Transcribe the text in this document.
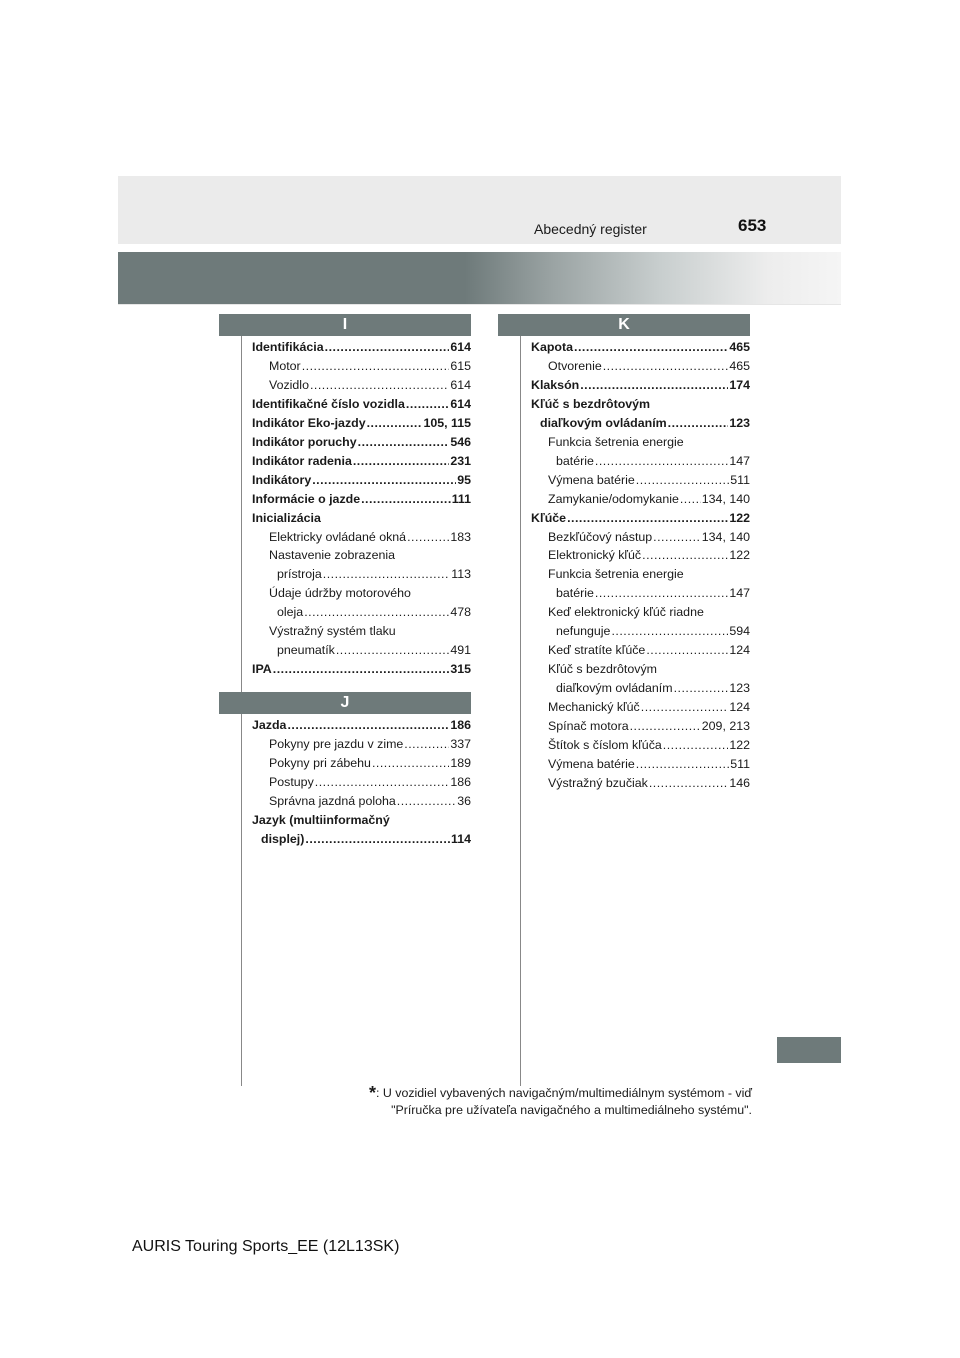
Abecedný register	653
I
Identifikácia .....	614
Motor .....	615
Vozidlo .....	614
Identifikačné číslo vozidla .....	614
Indikátor Eko-jazdy .....	105, 115
Indikátor poruchy .....	546
Indikátor radenia .....	231
Indikátory .....	95
Informácie o jazde .....	111
Inicializácia
Elektricky ovládané okná .....	183
Nastavenie zobrazenia
prístroja .....	113
Údaje údržby motorového
oleja .....	478
Výstražný systém tlaku
pneumatík .....	491
IPA .....	315
J
Jazda .....	186
Pokyny pre jazdu v zime .....	337
Pokyny pri zábehu .....	189
Postupy .....	186
Správna jazdná poloha .....	36
Jazyk (multiinformačný
displej) .....	114
K
Kapota .....	465
Otvorenie .....	465
Klaksón .....	174
Kľúč s bezdrôtovým
diaľkovým ovládaním .....	123
Funkcia šetrenia energie
batérie .....	147
Výmena batérie .....	511
Zamykanie/odomykanie ..... 134, 140
Kľúče .....	122
Bezkľúčový nástup .....	134, 140
Elektronický kľúč .....	122
Funkcia šetrenia energie
batérie .....	147
Keď elektronický kľúč riadne
nefunguje .....	594
Keď stratíte kľúče .....	124
Kľúč s bezdrôtovým
diaľkovým ovládaním .....	123
Mechanický kľúč .....	124
Spínač motora .....	209, 213
Štítok s číslom kľúča .....	122
Výmena batérie .....	511
Výstražný bzučiak .....	146
*: U vozidiel vybavených navigačným/multimediálnym systémom - viď
"Príručka pre užívateľa navigačného a multimediálneho systému".
AURIS Touring Sports_EE (12L13SK)
